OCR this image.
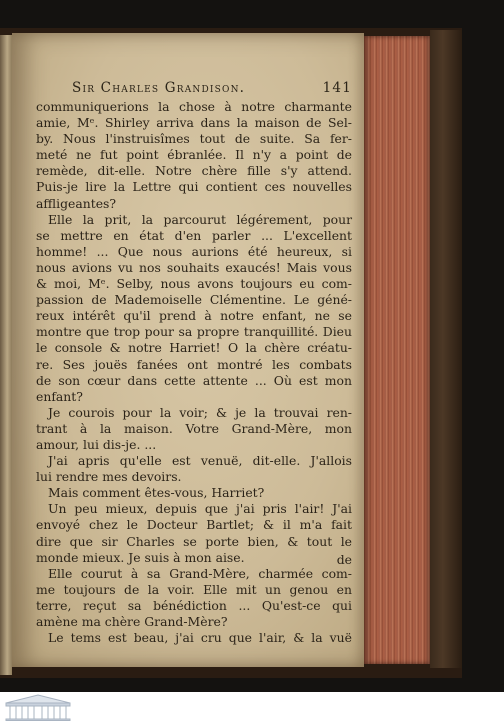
Sir Charles Grandison.	141
communiquerions la chose à notre charmante
amie, Mᵉ. Shirley arriva dans la maison de Sel-
by. Nous l'instruisîmes tout de suite. Sa fer-
meté ne fut point ébranlée. Il n'y a point de
remède, dit-elle. Notre chère fille s'y attend.
Puis-je lire la Lettre qui contient ces nouvelles
affligeantes?
Elle la prit, la parcourut légérement, pour
se mettre en état d'en parler ... L'excellent
homme! ... Que nous aurions été heureux, si
nous avions vu nos souhaits exaucés! Mais vous
& moi, Mᵉ. Selby, nous avons toujours eu com-
passion de Mademoiselle Clémentine. Le géné-
reux intérêt qu'il prend à notre enfant, ne se
montre que trop pour sa propre tranquillité. Dieu
le console & notre Harriet! O la chère créatu-
re. Ses jouës fanées ont montré les combats
de son cœur dans cette attente ... Où est mon
enfant?
Je courois pour la voir; & je la trouvai ren-
trant à la maison. Votre Grand-Mère, mon
amour, lui dis-je. ...
J'ai apris qu'elle est venuë, dit-elle. J'allois
lui rendre mes devoirs.
Mais comment êtes-vous, Harriet?
Un peu mieux, depuis que j'ai pris l'air! J'ai
envoyé chez le Docteur Bartlet; & il m'a fait
dire que sir Charles se porte bien, & tout le
monde mieux. Je suis à mon aise.
Elle courut à sa Grand-Mère, charmée com-
me toujours de la voir. Elle mit un genou en
terre, reçut sa bénédiction ... Qu'est-ce qui
amène ma chère Grand-Mère?
Le tems est beau, j'ai cru que l'air, & la vuë
de
